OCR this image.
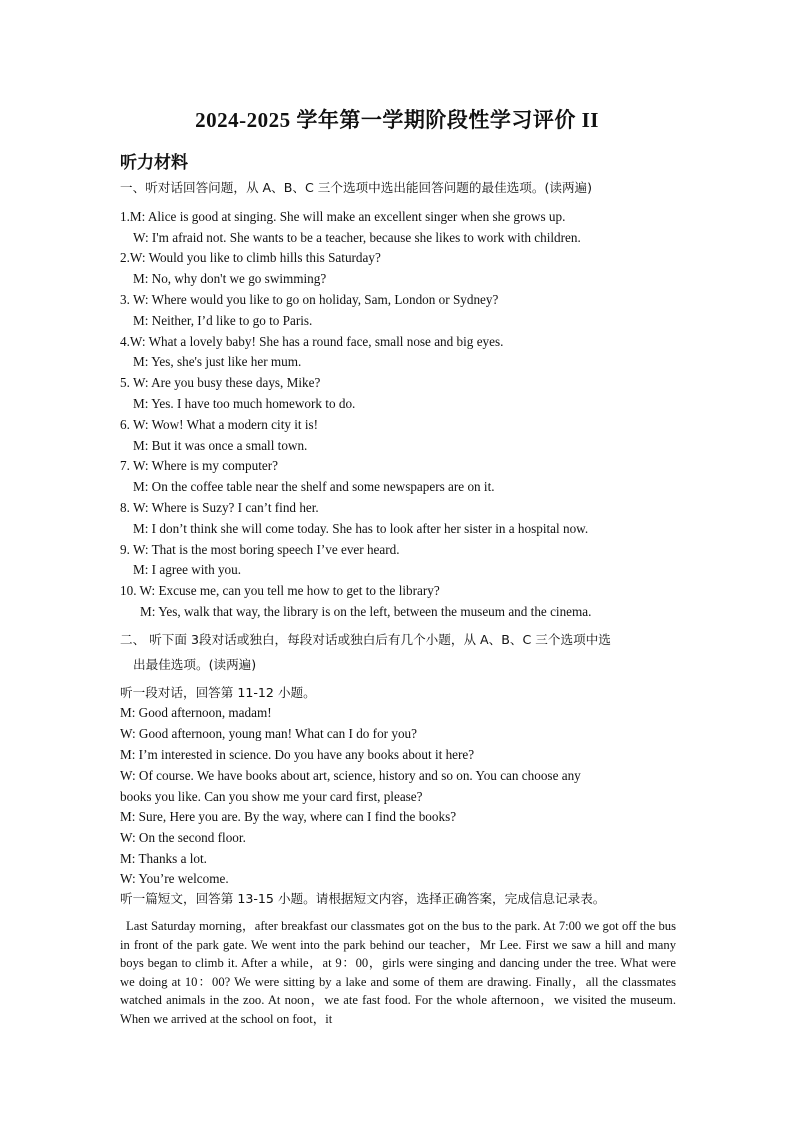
2024-2025 学年第一学期阶段性学习评价 II
听力材料
一、听对话回答问题，从 A、B、C 三个选项中选出能回答问题的最佳选项。(读两遍)
1.M: Alice is good at singing. She will make an excellent singer when she grows up.
W: I'm afraid not. She wants to be a teacher, because she likes to work with children.
2.W: Would you like to climb hills this Saturday?
M: No, why don't we go swimming?
3. W: Where would you like to go on holiday, Sam, London or Sydney?
M: Neither, I’d like to go to Paris.
4.W: What a lovely baby! She has a round face, small nose and big eyes.
M: Yes, she's just like her mum.
5. W: Are you busy these days, Mike?
M: Yes. I have too much homework to do.
6. W: Wow! What a modern city it is!
M: But it was once a small town.
7. W: Where is my computer?
M: On the coffee table near the shelf and some newspapers are on it.
8. W: Where is Suzy? I can’t find her.
M: I don’t think she will come today. She has to look after her sister in a hospital now.
9. W: That is the most boring speech I’ve ever heard.
M: I agree with you.
10. W: Excuse me, can you tell me how to get to the library?
M: Yes, walk that way, the library is on the left, between the museum and the cinema.
二、 听下面 3段对话或独白，每段对话或独白后有几个小题，从 A、B、C 三个选项中选
出最佳选项。(读两遍)
听一段对话，回答第 11-12 小题。
M: Good afternoon, madam!
W: Good afternoon, young man! What can I do for you?
M: I’m interested in science. Do you have any books about it here?
W: Of course. We have books about art, science, history and so on. You can choose any
books you like. Can you show me your card first, please?
M: Sure, Here you are. By the way, where can I find the books?
W: On the second floor.
M: Thanks a lot.
W: You’re welcome.
听一篇短文，回答第 13-15 小题。请根据短文内容，选择正确答案，完成信息记录表。
Last Saturday morning，after breakfast our classmates got on the bus to the park. At 7:00 we got off the bus in front of the park gate. We went into the park behind our teacher，Mr Lee. First we saw a hill and many boys began to climb it. After a while，at 9：00，girls were singing and dancing under the tree. What were we doing at 10：00? We were sitting by a lake and some of them are drawing. Finally，all the classmates watched animals in the zoo. At noon，we ate fast food. For the whole afternoon，we visited the museum. When we arrived at the school on foot，it
